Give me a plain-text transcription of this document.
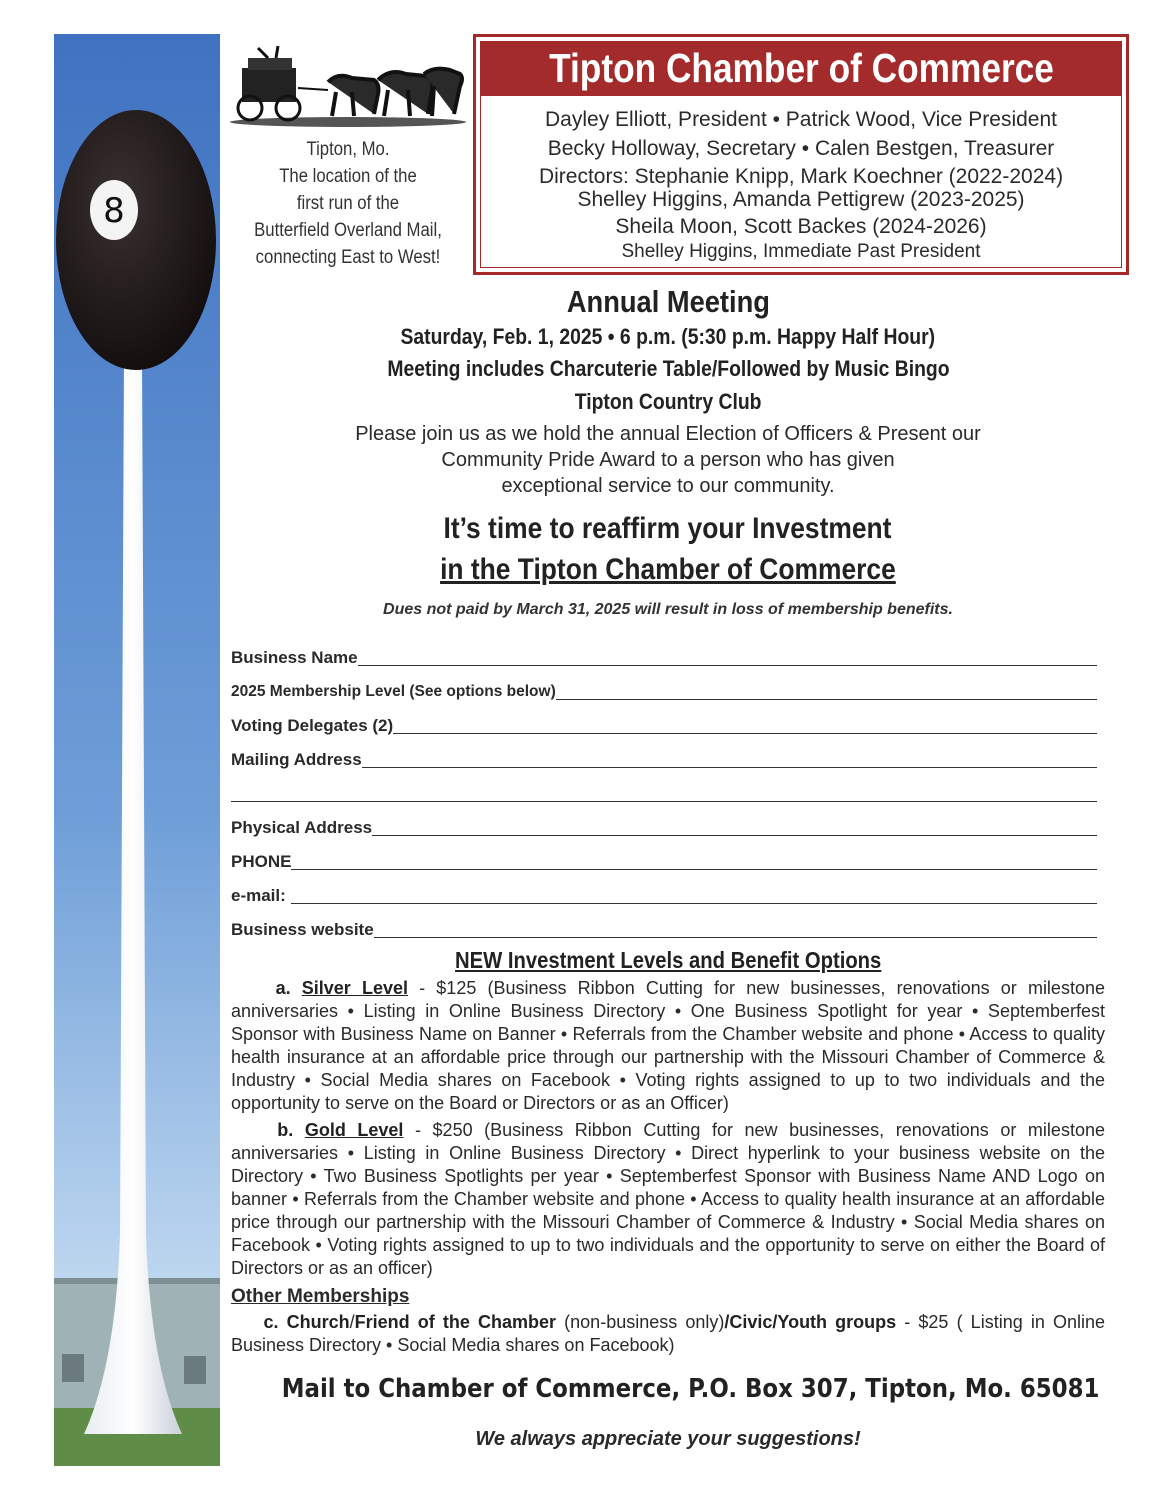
8
Tipton, Mo.
The location of the
first run of the
Butterfield Overland Mail,
connecting East to West!
Tipton Chamber of Commerce
Dayley Elliott, President • Patrick Wood, Vice President
Becky Holloway, Secretary • Calen Bestgen, Treasurer
Directors: Stephanie Knipp, Mark Koechner (2022-2024)
Shelley Higgins, Amanda Pettigrew (2023-2025)
Sheila Moon, Scott Backes (2024-2026)
Shelley Higgins, Immediate Past President
Annual Meeting
Saturday, Feb. 1, 2025 • 6 p.m. (5:30 p.m. Happy Half Hour)
Meeting includes Charcuterie Table/Followed by Music Bingo
Tipton Country Club
Please join us as we hold the annual Election of Officers & Present our
Community Pride Award to a person who has given
exceptional service to our community.
It’s time to reaffirm your Investment
in the Tipton Chamber of Commerce
Dues not paid by March 31, 2025 will result in loss of membership benefits.
Business Name
2025 Membership Level (See options below)
Voting Delegates (2)
Mailing Address
Physical Address
PHONE
e-mail:
Business website
NEW Investment Levels and Benefit Options
a. Silver Level - $125 (Business Ribbon Cutting for new businesses, renovations or milestone anniversaries • Listing in Online Business Directory • One Business Spotlight for year • Septemberfest Sponsor with Business Name on Banner • Referrals from the Chamber website and phone • Access to quality health insurance at an affordable price through our partnership with the Missouri Chamber of Commerce & Industry • Social Media shares on Facebook • Voting rights assigned to up to two individuals and the opportunity to serve on the Board or Directors or as an Officer)
b. Gold Level - $250 (Business Ribbon Cutting for new businesses, renovations or milestone anniversaries • Listing in Online Business Directory • Direct hyperlink to your business website on the Directory • Two Business Spotlights per year • Septemberfest Sponsor with Business Name AND Logo on banner • Referrals from the Chamber website and phone • Access to quality health insurance at an affordable price through our partnership with the Missouri Chamber of Commerce & Industry • Social Media shares on Facebook • Voting rights assigned to up to two individuals and the opportunity to serve on either the Board of Directors or as an officer)
Other Memberships
c. Church/Friend of the Chamber (non-business only)/Civic/Youth groups - $25 ( Listing in Online Business Directory • Social Media shares on Facebook)
Mail to Chamber of Commerce, P.O. Box 307, Tipton, Mo. 65081
We always appreciate your suggestions!
